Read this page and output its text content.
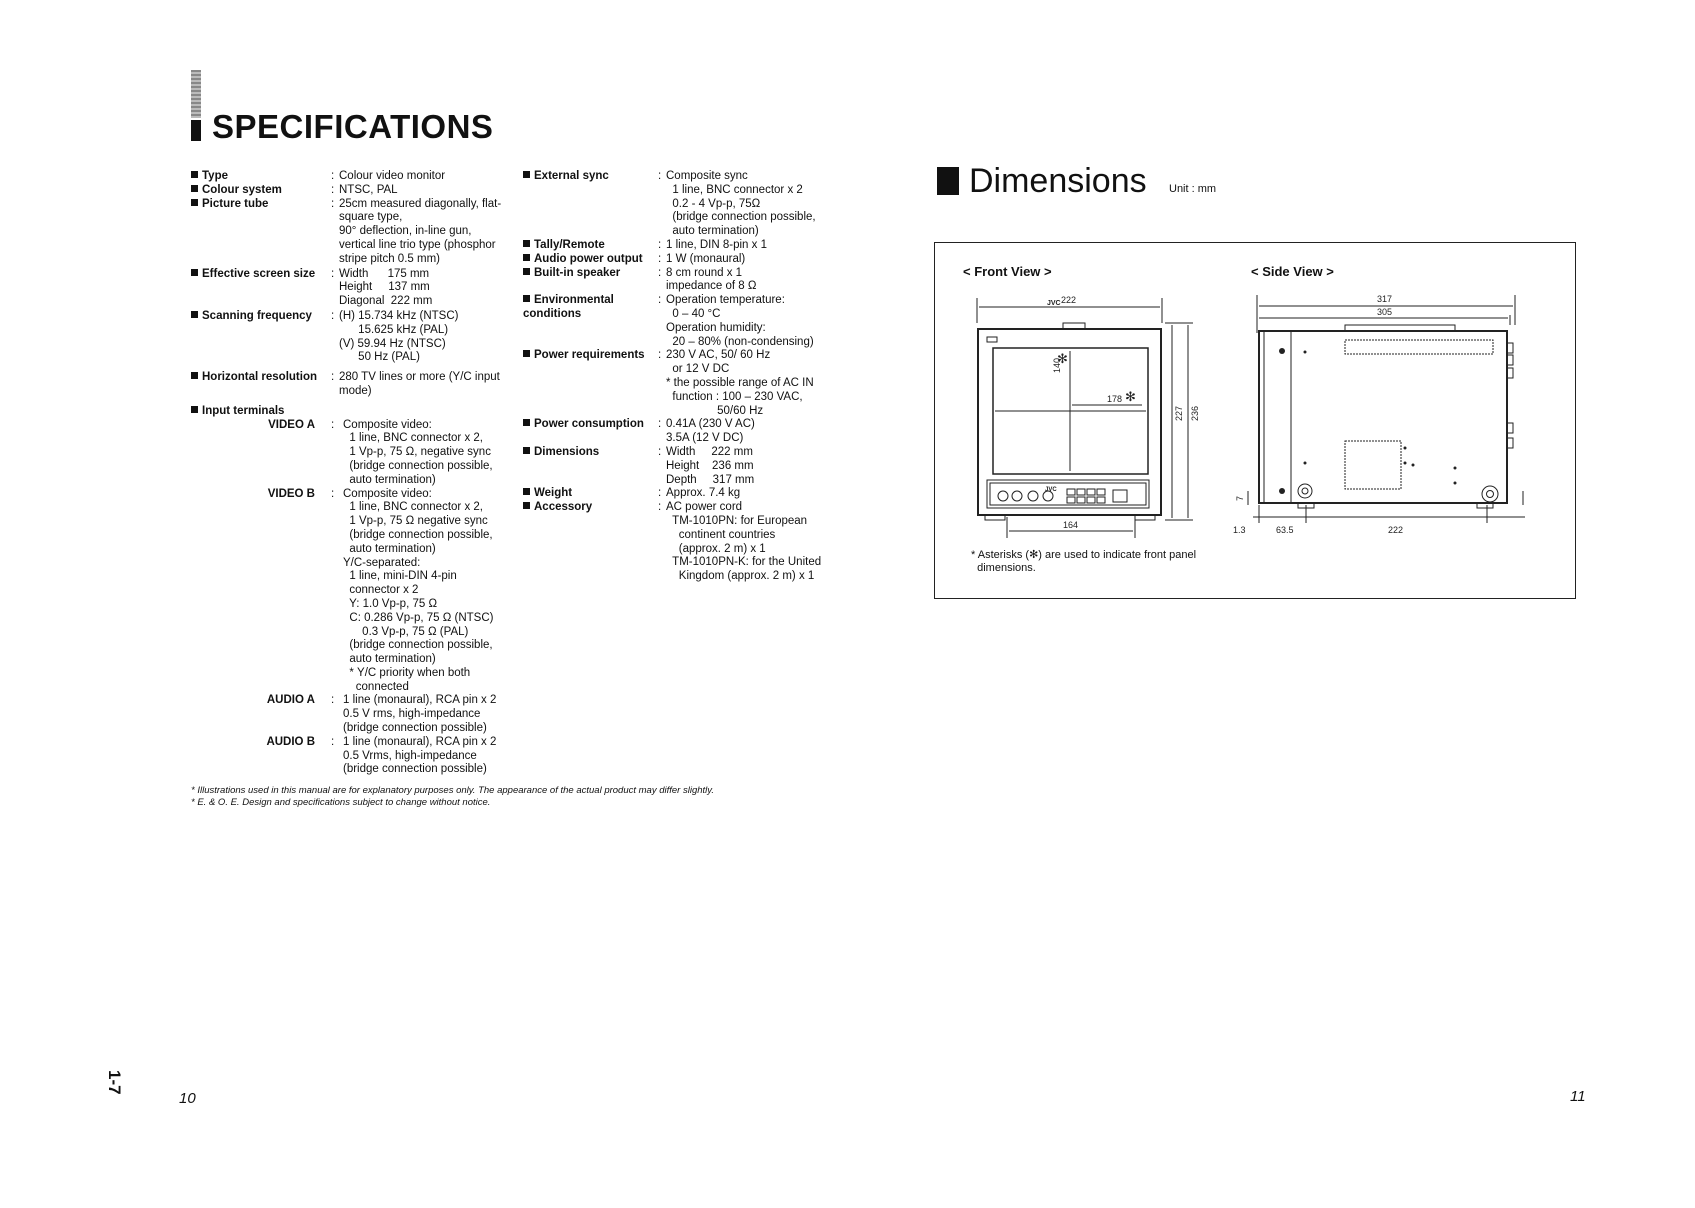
SPECIFICATIONS
Type	: Colour video monitor
Colour system	: NTSC, PAL
Picture tube	: 25cm measured diagonally, flat-
square type,
90° deflection, in-line gun,
vertical line trio type (phosphor
stripe pitch 0.5 mm)
Effective screen size	: Width      175 mm
Height     137 mm
Diagonal  222 mm
Scanning frequency	: (H) 15.734 kHz (NTSC)
15.625 kHz (PAL)
(V) 59.94 Hz (NTSC)
50 Hz (PAL)
Horizontal resolution	: 280 TV lines or more (Y/C input
mode)
Input terminals
VIDEO A	: Composite video:
1 line, BNC connector x 2,
1 Vp-p, 75 Ω, negative sync
(bridge connection possible,
auto termination)
VIDEO B	: Composite video:
1 line, BNC connector x 2,
1 Vp-p, 75 Ω negative sync
(bridge connection possible,
auto termination)
Y/C-separated:
1 line, mini-DIN 4-pin
connector x 2
Y: 1.0 Vp-p, 75 Ω
C: 0.286 Vp-p, 75 Ω (NTSC)
0.3 Vp-p, 75 Ω (PAL)
(bridge connection possible,
auto termination)
* Y/C priority when both
connected
AUDIO A	: 1 line (monaural), RCA pin x 2
0.5 V rms, high-impedance
(bridge connection possible)
AUDIO B	: 1 line (monaural), RCA pin x 2
0.5 Vrms, high-impedance
(bridge connection possible)
External sync	: Composite sync
1 line, BNC connector x 2
0.2 - 4 Vp-p, 75Ω
(bridge connection possible,
auto termination)
Tally/Remote	: 1 line, DIN 8-pin x 1
Audio power output	: 1 W (monaural)
Built-in speaker	: 8 cm round x 1
impedance of 8 Ω
Environmental
conditions
: Operation temperature:
0 – 40 °C
Operation humidity:
20 – 80% (non-condensing)
Power requirements	: 230 V AC, 50/ 60 Hz
or 12 V DC
* the possible range of AC IN
function : 100 – 230 VAC,
50/60 Hz
Power consumption	: 0.41A (230 V AC)
3.5A (12 V DC)
Dimensions	: Width     222 mm
Height    236 mm
Depth     317 mm
Weight	: Approx. 7.4 kg
Accessory	: AC power cord
TM-1010PN: for European
continent countries
(approx. 2 m) x 1
TM-1010PN-K: for the United
Kingdom (approx. 2 m) x 1
* Illustrations used in this manual are for explanatory purposes only. The appearance of the actual product may differ slightly.
* E. & O. E. Design and specifications subject to change without notice.
Dimensions Unit : mm
< Front View >	< Side View >
* Asterisks (✻) are used to indicate front panel
dimensions.
222
178
140
227 236
164
JVC	317
305
1.3	63.5	222
7
✻
✻
JVC
10	11
1-7
